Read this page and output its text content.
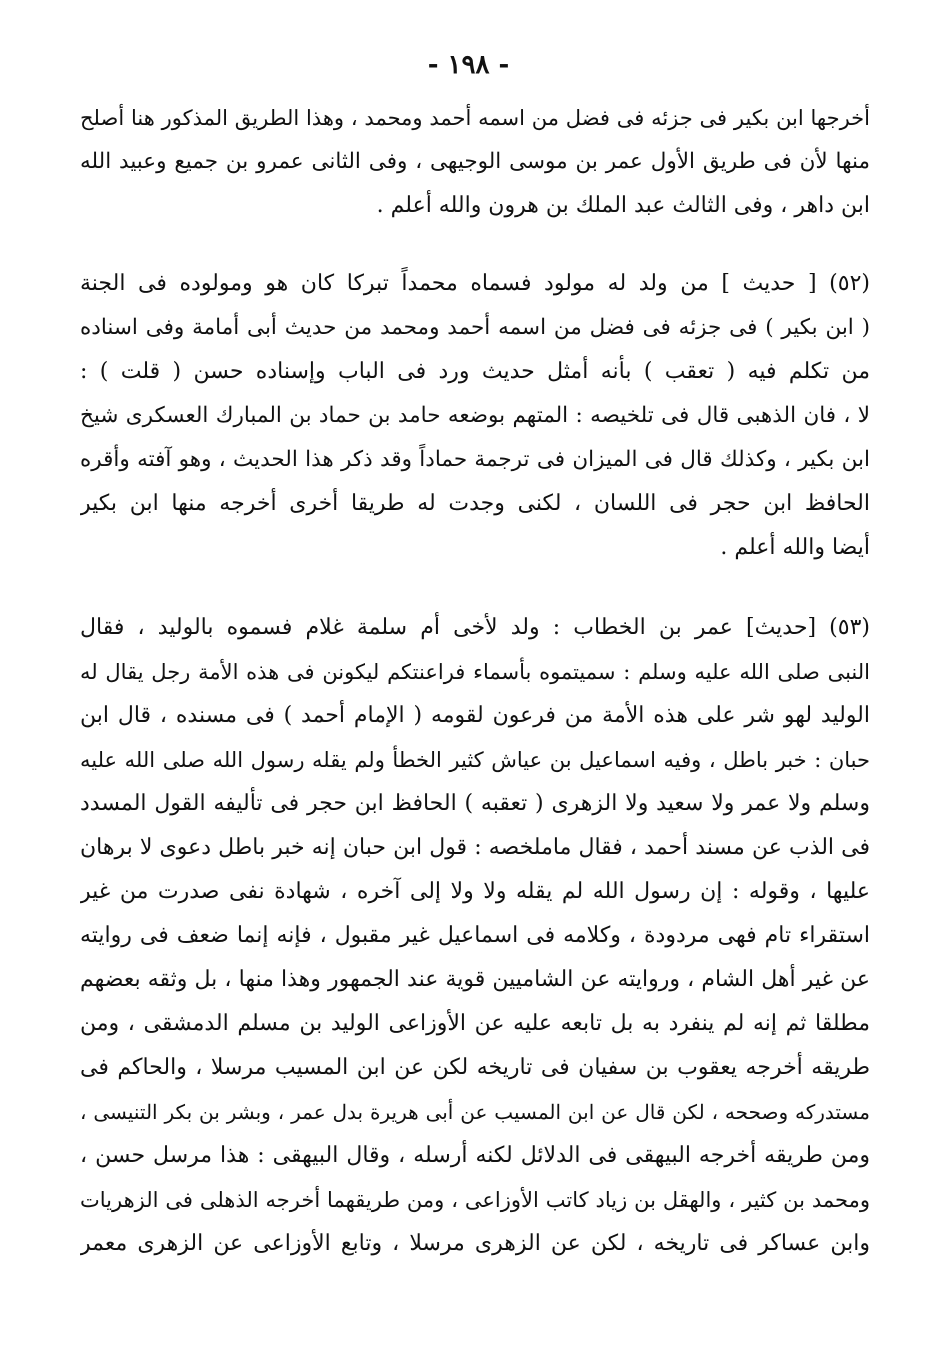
- ١٩٨ -
أخرجها ابن بكير فى جزئه فى فضل من اسمه أحمد ومحمد ، وهذا الطريق المذكور هنا أصلح
منها لأن فى طريق الأول عمر بن موسى الوجيهى ، وفى الثانى عمرو بن جميع وعبيد الله
ابن داهر ، وفى الثالث عبد الملك بن هرون والله أعلم .
(٥٢) [ حديث ] من ولد له مولود فسماه محمداً تبركا كان هو ومولوده فى الجنة
( ابن بكير ) فى جزئه فى فضل من اسمه أحمد ومحمد من حديث أبى أمامة وفى اسناده
من تكلم فيه ( تعقب ) بأنه أمثل حديث ورد فى الباب وإسناده حسن ( قلت ) :
لا ، فان الذهبى قال فى تلخيصه : المتهم بوضعه حامد بن حماد بن المبارك العسكرى شيخ
ابن بكير ، وكذلك قال فى الميزان فى ترجمة حماداً وقد ذكر هذا الحديث ، وهو آفته وأقره
الحافظ ابن حجر فى اللسان ، لكنى وجدت له طريقا أخرى أخرجه منها ابن بكير
أيضا والله أعلم .
(٥٣) [حديث] عمر بن الخطاب : ولد لأخى أم سلمة غلام فسموه بالوليد ، فقال
النبى صلى الله عليه وسلم : سميتموه بأسماء فراعنتكم ليكونن فى هذه الأمة رجل يقال له
الوليد لهو شر على هذه الأمة من فرعون لقومه ( الإمام أحمد ) فى مسنده ، قال ابن
حبان : خبر باطل ، وفيه اسماعيل بن عياش كثير الخطأ ولم يقله رسول الله صلى الله عليه
وسلم ولا عمر ولا سعيد ولا الزهرى ( تعقبه ) الحافظ ابن حجر فى تأليفه القول المسدد
فى الذب عن مسند أحمد ، فقال ماملخصه : قول ابن حبان إنه خبر باطل دعوى لا برهان
عليها ، وقوله : إن رسول الله لم يقله ولا ولا إلى آخره ، شهادة نفى صدرت من غير
استقراء تام فهى مردودة ، وكلامه فى اسماعيل غير مقبول ، فإنه إنما ضعف فى روايته
عن غير أهل الشام ، وروايته عن الشاميين قوية عند الجمهور وهذا منها ، بل وثقه بعضهم
مطلقا ثم إنه لم ينفرد به بل تابعه عليه عن الأوزاعى الوليد بن مسلم الدمشقى ، ومن
طريقه أخرجه يعقوب بن سفيان فى تاريخه لكن عن ابن المسيب مرسلا ، والحاكم فى
مستدركه وصححه ، لكن قال عن ابن المسيب عن أبى هريرة بدل عمر ، وبشر بن بكر التنيسى ،
ومن طريقه أخرجه البيهقى فى الدلائل لكنه أرسله ، وقال البيهقى : هذا مرسل حسن ،
ومحمد بن كثير ، والهقل بن زياد كاتب الأوزاعى ، ومن طريقهما أخرجه الذهلى فى الزهريات
وابن عساكر فى تاريخه ، لكن عن الزهرى مرسلا ، وتابع الأوزاعى عن الزهرى معمر
